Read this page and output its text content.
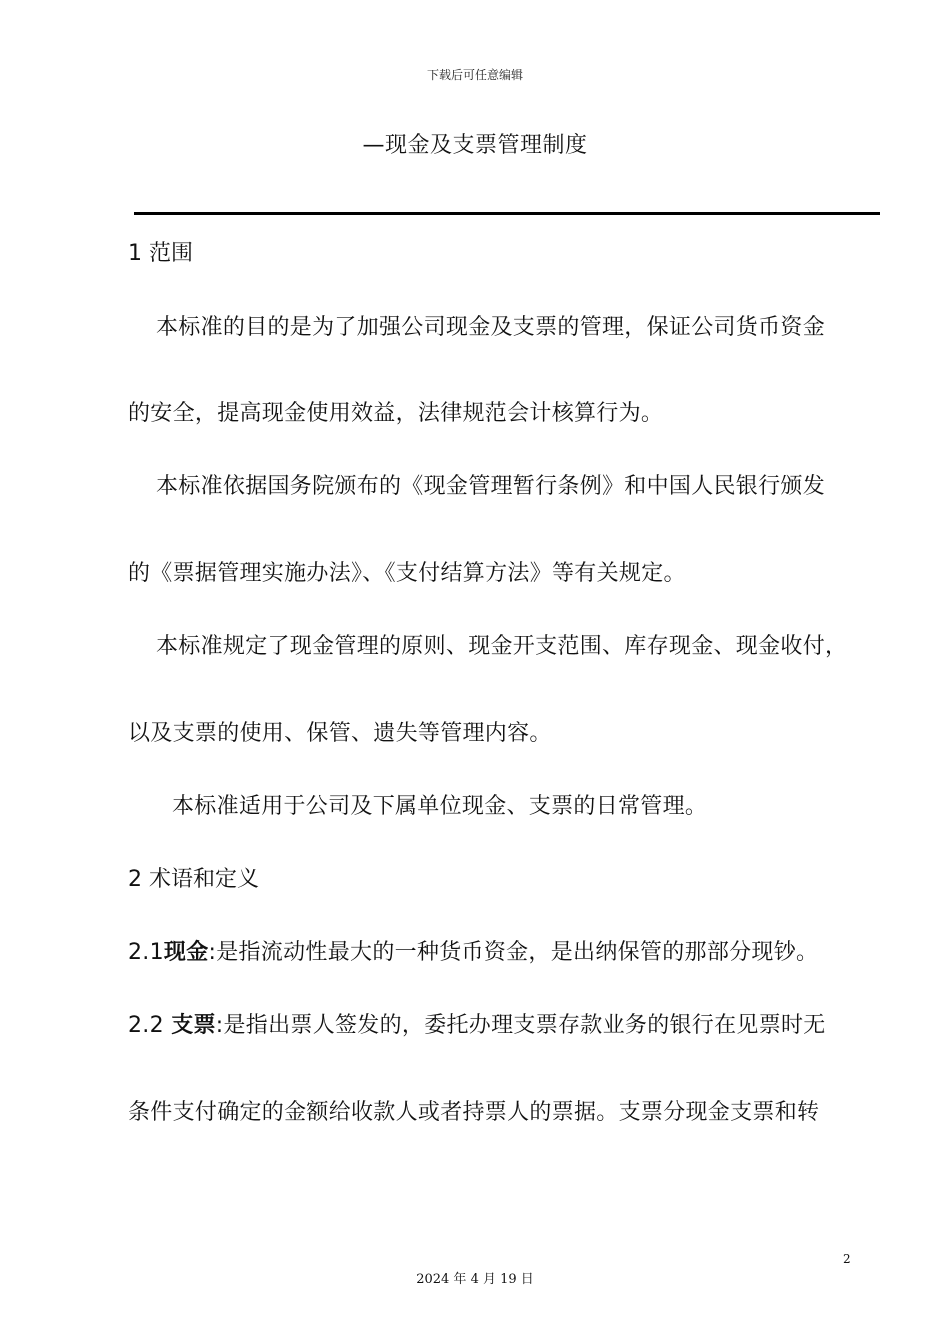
下载后可任意编辑
—现金及支票管理制度
1 范围
本标准的目的是为了加强公司现金及支票的管理，保证公司货币资金
的安全，提高现金使用效益，法律规范会计核算行为。
本标准依据国务院颁布的《现金管理暂行条例》和中国人民银行颁发
的《票据管理实施办法》、《支付结算方法》等有关规定。
本标准规定了现金管理的原则、现金开支范围、库存现金、现金收付，
以及支票的使用、保管、遗失等管理内容。
本标准适用于公司及下属单位现金、支票的日常管理。
2 术语和定义
2.1现金:是指流动性最大的一种货币资金，是出纳保管的那部分现钞。
2.2 支票:是指出票人签发的，委托办理支票存款业务的银行在见票时无
条件支付确定的金额给收款人或者持票人的票据。支票分现金支票和转
2
2024 年 4 月 19 日
